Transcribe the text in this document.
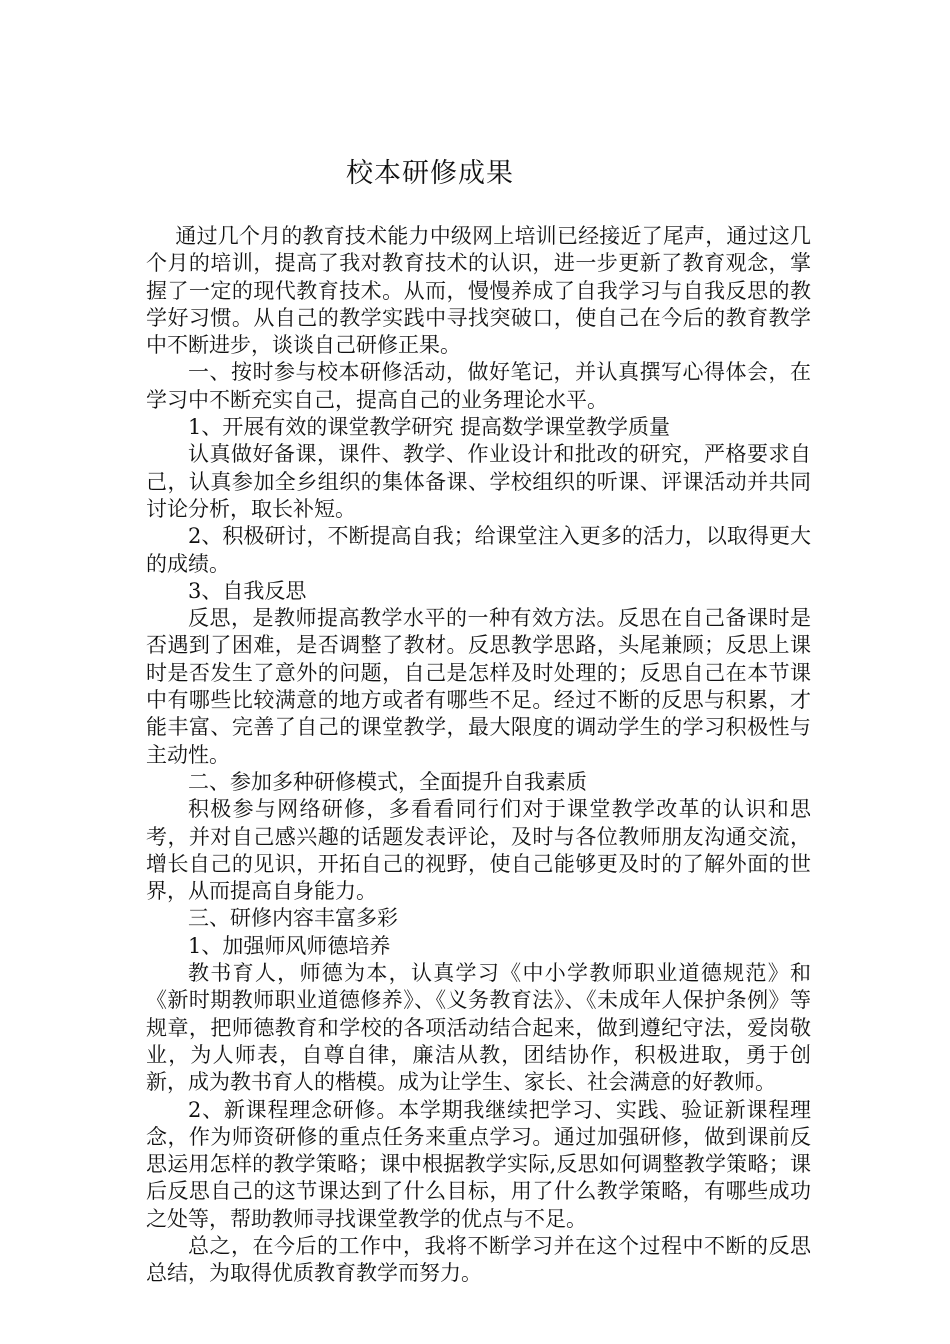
校本研修成果

通过几个月的教育技术能力中级网上培训已经接近了尾声，通过这几个月的培训，提高了我对教育技术的认识，进一步更新了教育观念，掌握了一定的现代教育技术。从而，慢慢养成了自我学习与自我反思的教学好习惯。从自己的教学实践中寻找突破口，使自己在今后的教育教学中不断进步，谈谈自己研修正果。

一、按时参与校本研修活动，做好笔记，并认真撰写心得体会，在学习中不断充实自己，提高自己的业务理论水平。

1、开展有效的课堂教学研究 提高数学课堂教学质量

认真做好备课，课件、教学、作业设计和批改的研究，严格要求自己，认真参加全乡组织的集体备课、学校组织的听课、评课活动并共同讨论分析，取长补短。

2、积极研讨，不断提高自我；给课堂注入更多的活力，以取得更大的成绩。

3、自我反思

反思，是教师提高教学水平的一种有效方法。反思在自己备课时是否遇到了困难，是否调整了教材。反思教学思路，头尾兼顾；反思上课时是否发生了意外的问题，自己是怎样及时处理的；反思自己在本节课中有哪些比较满意的地方或者有哪些不足。经过不断的反思与积累，才能丰富、完善了自己的课堂教学，最大限度的调动学生的学习积极性与主动性。

二、参加多种研修模式，全面提升自我素质

积极参与网络研修，多看看同行们对于课堂教学改革的认识和思考，并对自己感兴趣的话题发表评论，及时与各位教师朋友沟通交流，增长自己的见识，开拓自己的视野，使自己能够更及时的了解外面的世界，从而提高自身能力。

三、研修内容丰富多彩

1、加强师风师德培养

教书育人，师德为本，认真学习《中小学教师职业道德规范》和《新时期教师职业道德修养》、《义务教育法》、《未成年人保护条例》等规章，把师德教育和学校的各项活动结合起来，做到遵纪守法，爱岗敬业，为人师表，自尊自律，廉洁从教，团结协作，积极进取，勇于创新，成为教书育人的楷模。成为让学生、家长、社会满意的好教师。

2、新课程理念研修。本学期我继续把学习、实践、验证新课程理念，作为师资研修的重点任务来重点学习。通过加强研修，做到课前反思运用怎样的教学策略；课中根据教学实际,反思如何调整教学策略；课后反思自己的这节课达到了什么目标，用了什么教学策略，有哪些成功之处等，帮助教师寻找课堂教学的优点与不足。

总之，在今后的工作中，我将不断学习并在这个过程中不断的反思总结，为取得优质教育教学而努力。
